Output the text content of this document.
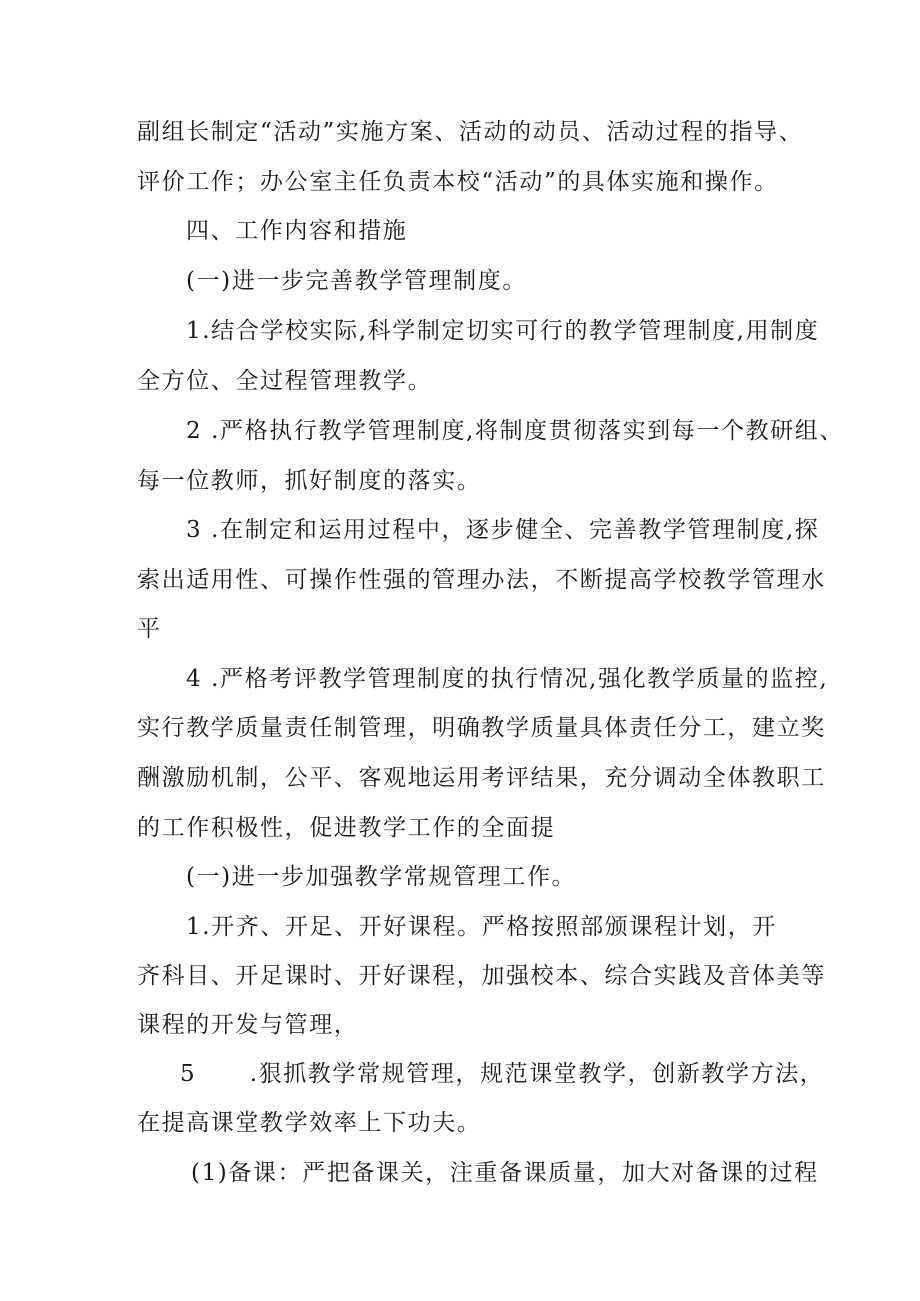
副组长制定“活动”实施方案、活动的动员、活动过程的指导、
评价工作；办公室主任负责本校“活动”的具体实施和操作。
四、工作内容和措施
(一)进一步完善教学管理制度。
1.结合学校实际,科学制定切实可行的教学管理制度,用制度
全方位、全过程管理教学。
2 .严格执行教学管理制度,将制度贯彻落实到每一个教研组、
每一位教师，抓好制度的落实。
3 .在制定和运用过程中，逐步健全、完善教学管理制度,探
索出适用性、可操作性强的管理办法，不断提高学校教学管理水
平
4 .严格考评教学管理制度的执行情况,强化教学质量的监控,
实行教学质量责任制管理，明确教学质量具体责任分工，建立奖
酬激励机制，公平、客观地运用考评结果，充分调动全体教职工
的工作积极性，促进教学工作的全面提
(一)进一步加强教学常规管理工作。
1.开齐、开足、开好课程。严格按照部颁课程计划，开
齐科目、开足课时、开好课程，加强校本、综合实践及音体美等
课程的开发与管理，
5      .狠抓教学常规管理，规范课堂教学，创新教学方法，
在提高课堂教学效率上下功夫。
(1)备课：严把备课关，注重备课质量，加大对备课的过程
